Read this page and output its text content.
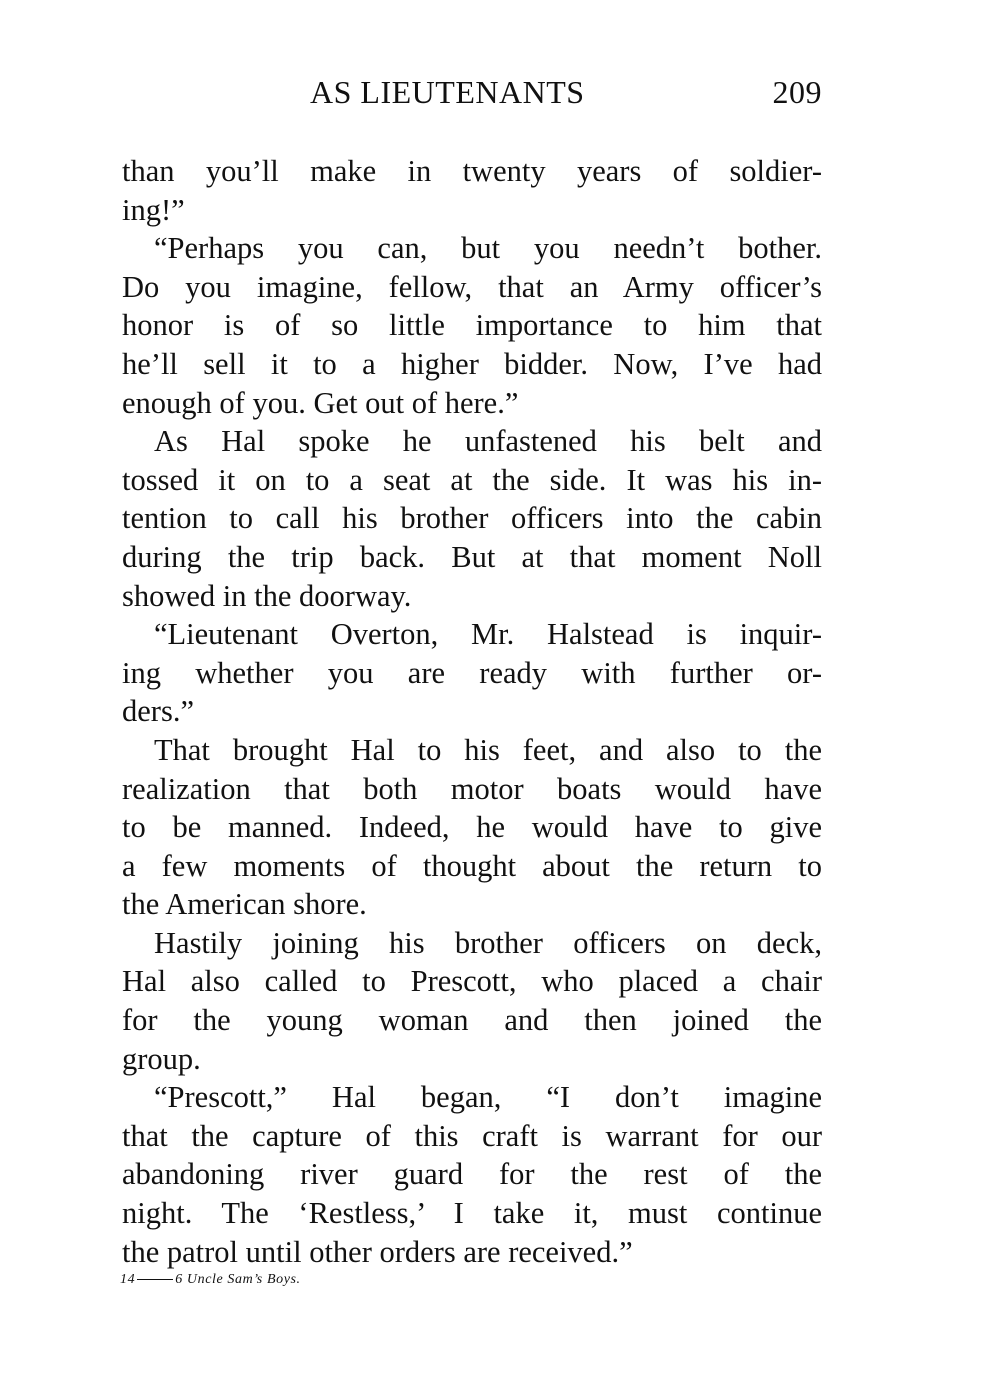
AS LIEUTENANTS	209
than you’ll make in twenty years of soldier-
ing!”
“Perhaps you can, but you needn’t bother.
Do you imagine, fellow, that an Army officer’s
honor is of so little importance to him that
he’ll sell it to a higher bidder. Now, I’ve had
enough of you. Get out of here.”
As Hal spoke he unfastened his belt and
tossed it on to a seat at the side. It was his in-
tention to call his brother officers into the cabin
during the trip back. But at that moment Noll
showed in the doorway.
“Lieutenant Overton, Mr. Halstead is inquir-
ing whether you are ready with further or-
ders.”
That brought Hal to his feet, and also to the
realization that both motor boats would have
to be manned. Indeed, he would have to give
a few moments of thought about the return to
the American shore.
Hastily joining his brother officers on deck,
Hal also called to Prescott, who placed a chair
for the young woman and then joined the
group.
“Prescott,” Hal began, “I don’t imagine
that the capture of this craft is warrant for our
abandoning river guard for the rest of the
night. The ‘Restless,’ I take it, must continue
the patrol until other orders are received.”
14	6 Uncle Sam’s Boys.
